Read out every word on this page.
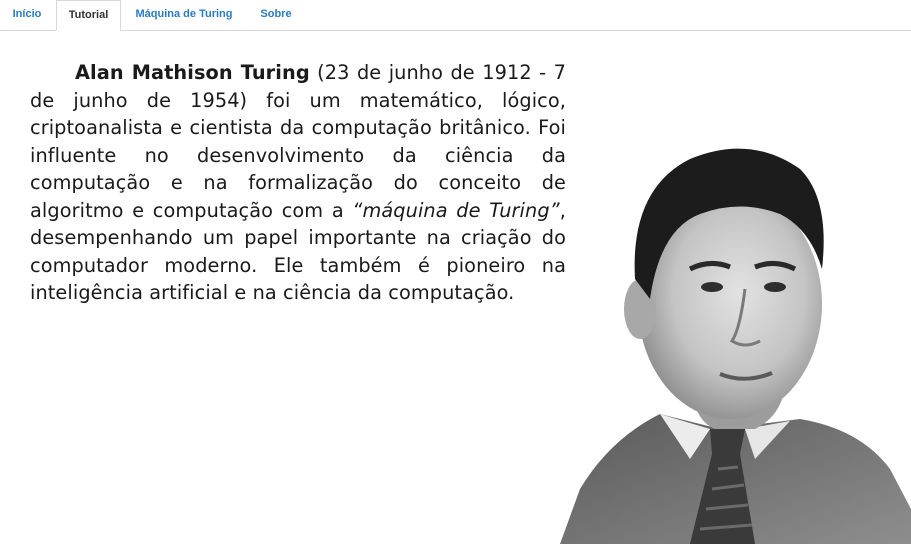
Início	Tutorial	Máquina de Turing	Sobre

Alan Mathison Turing (23 de junho de 1912 - 7 de junho de 1954) foi um matemático, lógico, criptoanalista e cientista da computação britânico. Foi influente no desenvolvimento da ciência da computação e na formalização do conceito de algoritmo e computação com a “máquina de Turing”, desempenhando um papel importante na criação do computador moderno. Ele também é pioneiro na inteligência artificial e na ciência da computação.
